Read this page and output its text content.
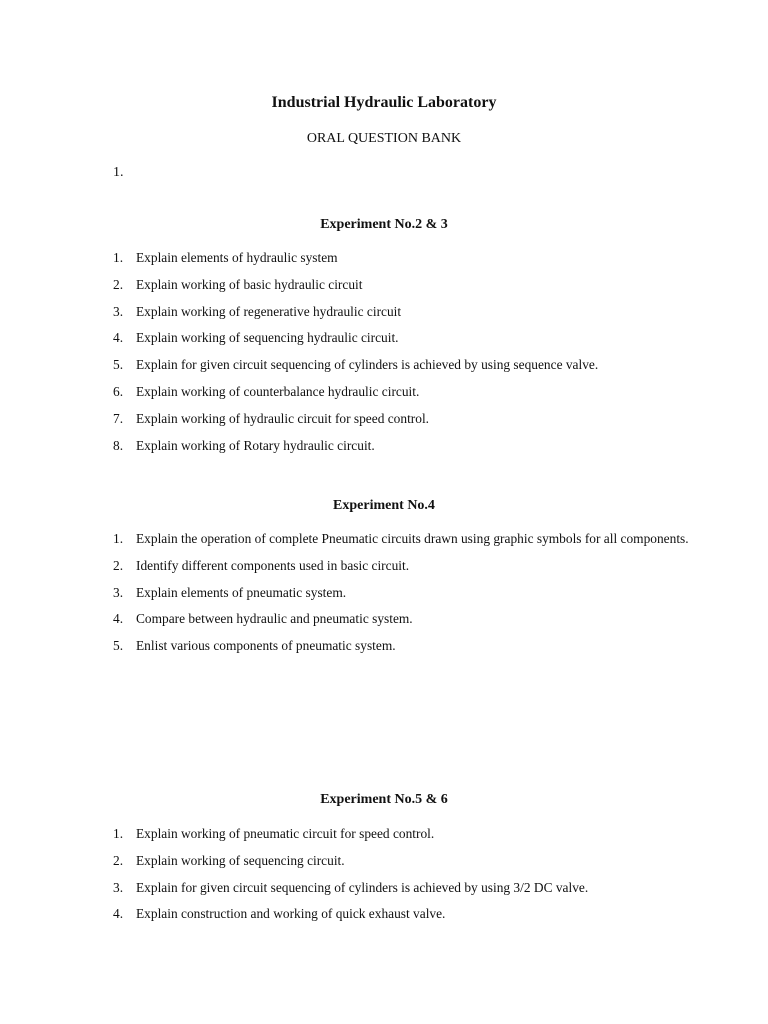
Industrial Hydraulic Laboratory
ORAL QUESTION BANK
1.
Experiment No.2 & 3
1. Explain elements of hydraulic system
2. Explain working of basic hydraulic circuit
3. Explain working of regenerative hydraulic circuit
4. Explain working of sequencing hydraulic circuit.
5. Explain for given circuit sequencing of cylinders is achieved by using sequence valve.
6. Explain working of counterbalance hydraulic circuit.
7. Explain working of hydraulic circuit for speed control.
8. Explain working of Rotary hydraulic circuit.
Experiment No.4
1. Explain the operation of complete Pneumatic circuits drawn using graphic symbols for all components.
2. Identify different components used in basic circuit.
3. Explain elements of pneumatic system.
4. Compare between hydraulic and pneumatic system.
5. Enlist various components of pneumatic system.
Experiment No.5 & 6
1. Explain working of pneumatic circuit for speed control.
2. Explain working of sequencing circuit.
3. Explain for given circuit sequencing of cylinders is achieved by using 3/2 DC valve.
4. Explain construction and working of quick exhaust valve.
